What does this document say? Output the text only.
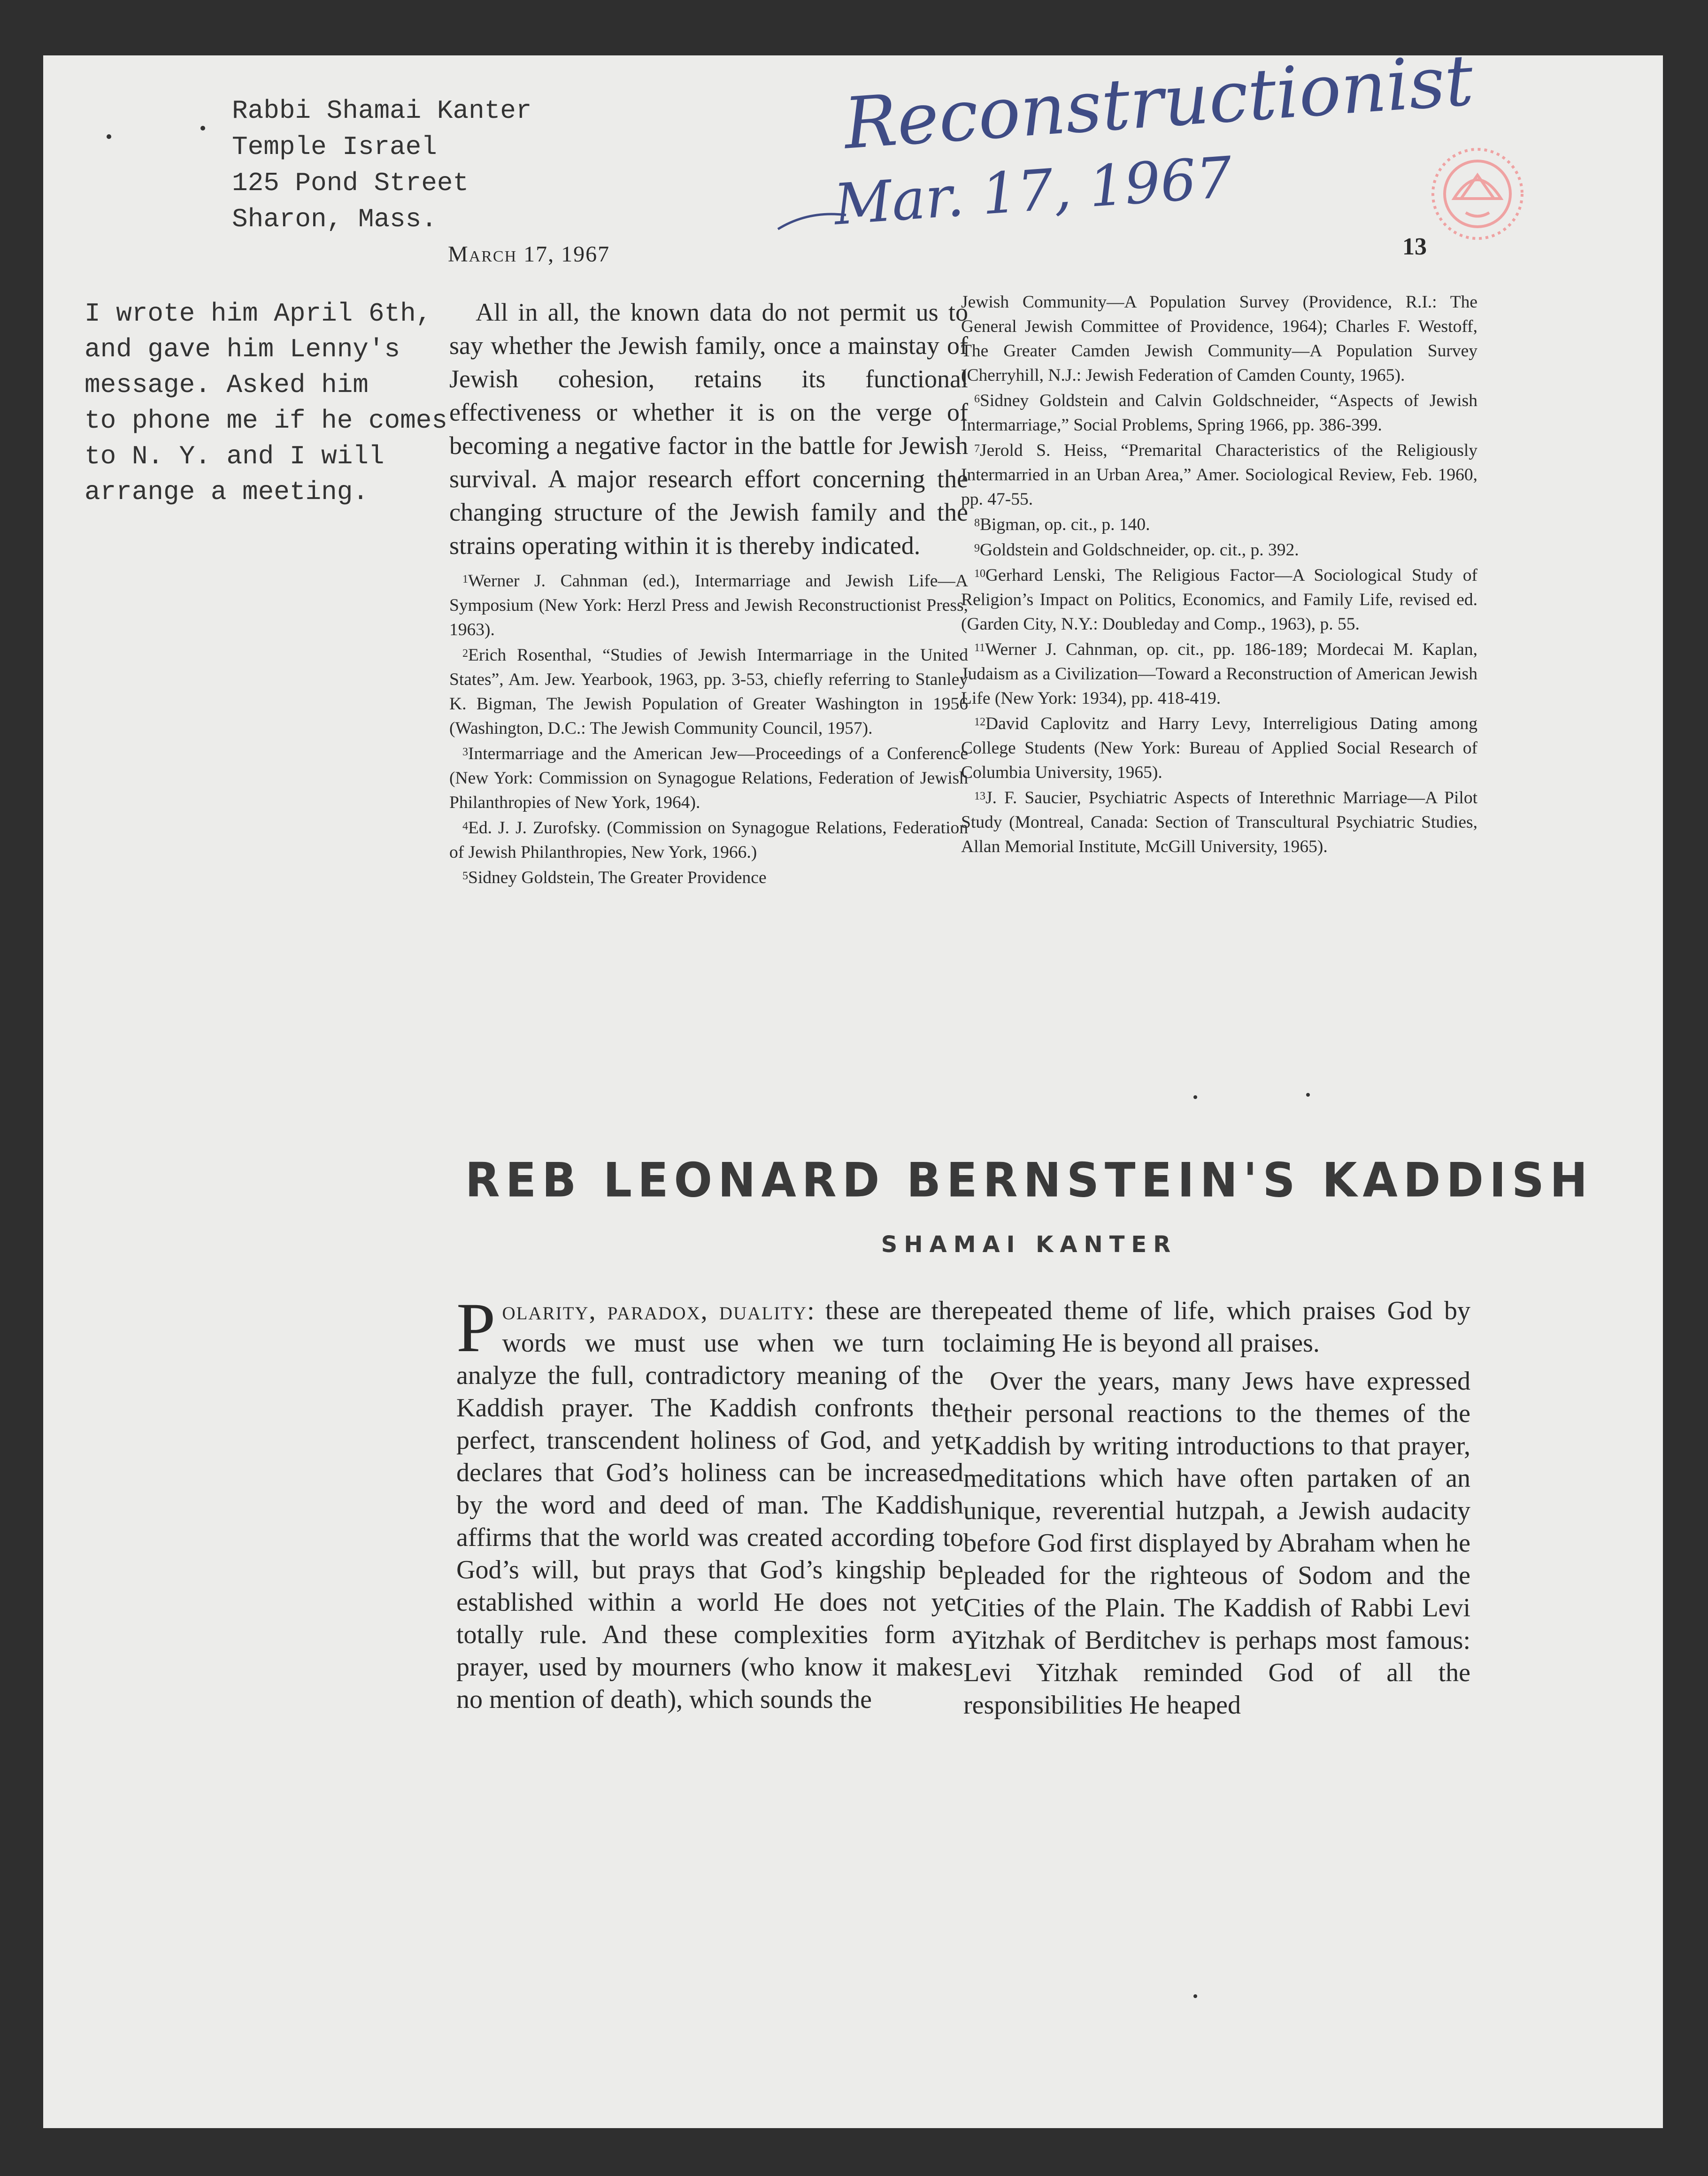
Rabbi Shamai Kanter
Temple Israel
125 Pond Street
Sharon, Mass.
Reconstructionist
Mar. 17, 1967
March 17, 1967	13
I wrote him April 6th,
and gave him Lenny's
message. Asked him
to phone me if he comes
to N. Y. and I will
arrange a meeting.
All in all, the known data do not permit us to say whether the Jewish family, once a mainstay of Jewish cohesion, retains its functional effectiveness or whether it is on the verge of becoming a negative factor in the battle for Jewish survival. A major research effort concerning the changing structure of the Jewish family and the strains operating within it is thereby indicated.

$^1$Werner J. Cahnman (ed.), Intermarriage and Jewish Life—A Symposium (New York: Herzl Press and Jewish Reconstructionist Press, 1963).

$^2$Erich Rosenthal, “Studies of Jewish Intermarriage in the United States”, Am. Jew. Yearbook, 1963, pp. 3-53, chiefly referring to Stanley K. Bigman, The Jewish Population of Greater Washington in 1956 (Washington, D.C.: The Jewish Community Council, 1957).

$^3$Intermarriage and the American Jew—Proceedings of a Conference (New York: Commission on Synagogue Relations, Federation of Jewish Philanthropies of New York, 1964).

$^4$Ed. J. J. Zurofsky. (Commission on Synagogue Relations, Federation of Jewish Philanthropies, New York, 1966.)

$^5$Sidney Goldstein, The Greater Providence

Jewish Community—A Population Survey (Providence, R.I.: The General Jewish Committee of Providence, 1964); Charles F. Westoff, The Greater Camden Jewish Community—A Population Survey (Cherryhill, N.J.: Jewish Federation of Camden County, 1965).

$^6$Sidney Goldstein and Calvin Goldschneider, “Aspects of Jewish Intermarriage,” Social Problems, Spring 1966, pp. 386-399.

$^7$Jerold S. Heiss, “Premarital Characteristics of the Religiously Intermarried in an Urban Area,” Amer. Sociological Review, Feb. 1960, pp. 47-55.

$^8$Bigman, op. cit., p. 140.

$^9$Goldstein and Goldschneider, op. cit., p. 392.

$^{10}$Gerhard Lenski, The Religious Factor—A Sociological Study of Religion’s Impact on Politics, Economics, and Family Life, revised ed. (Garden City, N.Y.: Doubleday and Comp., 1963), p. 55.

$^{11}$Werner J. Cahnman, op. cit., pp. 186-189; Mordecai M. Kaplan, Judaism as a Civilization—Toward a Reconstruction of American Jewish Life (New York: 1934), pp. 418-419.

$^{12}$David Caplovitz and Harry Levy, Interreligious Dating among College Students (New York: Bureau of Applied Social Research of Columbia University, 1965).

$^{13}$J. F. Saucier, Psychiatric Aspects of Interethnic Marriage—A Pilot Study (Montreal, Canada: Section of Transcultural Psychiatric Studies, Allan Memorial Institute, McGill University, 1965).

REB LEONARD BERNSTEIN'S KADDISH
SHAMAI KANTER

Polarity, paradox, duality: these are the words we must use when we turn to analyze the full, contradictory meaning of the Kaddish prayer. The Kaddish confronts the perfect, transcendent holiness of God, and yet declares that God’s holiness can be increased by the word and deed of man. The Kaddish affirms that the world was created according to God’s will, but prays that God’s kingship be established within a world He does not yet totally rule. And these complexities form a prayer, used by mourners (who know it makes no mention of death), which sounds the

repeated theme of life, which praises God by claiming He is beyond all praises.

Over the years, many Jews have expressed their personal reactions to the themes of the Kaddish by writing introductions to that prayer, meditations which have often partaken of an unique, reverential hutzpah, a Jewish audacity before God first displayed by Abraham when he pleaded for the righteous of Sodom and the Cities of the Plain. The Kaddish of Rabbi Levi Yitzhak of Berditchev is perhaps most famous: Levi Yitzhak reminded God of all the responsibilities He heaped
